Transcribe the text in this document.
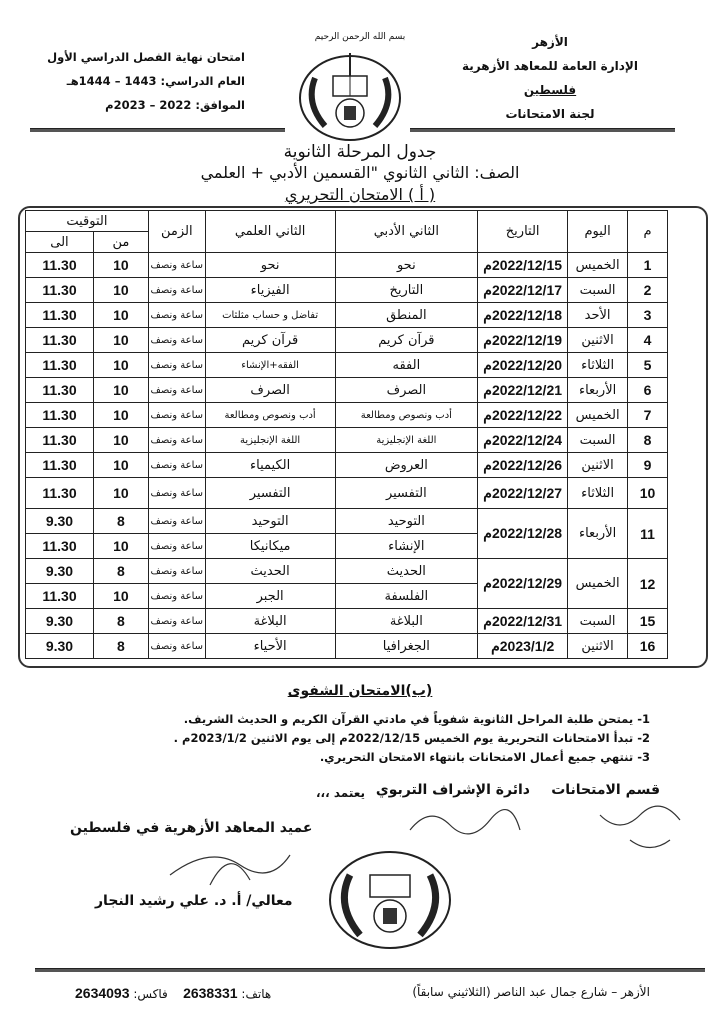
بسم الله الرحمن الرحيم	الأزهر
الإدارة العامة للمعاهد الأزهرية
فلسطين
لجنة الامتحانات
امتحان نهاية الفصل الدراسي الأول
العام الدراسي: 1443 – 1444هـ
الموافق: 2022 – 2023م
جدول المرحلة الثانوية
الصف: الثاني الثانوي "القسمين الأدبي + العلمي
( أ ) الامتحان التحريري
م	اليوم	التاريخ	الثاني الأدبي	الثاني العلمي	الزمن	التوقيت	
						من	الى
1	الخميس	2022/12/15م	نحو	نحو	ساعة ونصف	10	11.30
2	السبت	2022/12/17م	التاريخ	الفيزياء	ساعة ونصف	10	11.30
3	الأحد	2022/12/18م	المنطق	تفاضل و حساب مثلثات	ساعة ونصف	10	11.30
4	الاثنين	2022/12/19م	قرآن كريم	قرآن كريم	ساعة ونصف	10	11.30
5	الثلاثاء	2022/12/20م	الفقه	الفقه+الإنشاء	ساعة ونصف	10	11.30
6	الأربعاء	2022/12/21م	الصرف	الصرف	ساعة ونصف	10	11.30
7	الخميس	2022/12/22م	أدب ونصوص ومطالعة	أدب ونصوص ومطالعة	ساعة ونصف	10	11.30
8	السبت	2022/12/24م	اللغة الإنجليزية	اللغة الإنجليزية	ساعة ونصف	10	11.30
9	الاثنين	2022/12/26م	العروض	الكيمياء	ساعة ونصف	10	11.30
10	الثلاثاء	2022/12/27م	التفسير	التفسير	ساعة ونصف	10	11.30
11	الأربعاء	2022/12/28م	التوحيد	التوحيد	ساعة ونصف	8	9.30
			الإنشاء	ميكانيكا	ساعة ونصف	10	11.30
12	الخميس	2022/12/29م	الحديث	الحديث	ساعة ونصف	8	9.30
			الفلسفة	الجبر	ساعة ونصف	10	11.30
15	السبت	2022/12/31م	البلاغة	البلاغة	ساعة ونصف	8	9.30
16	الاثنين	2023/1/2م	الجغرافيا	الأحياء	ساعة ونصف	8	9.30
(ب)الامتحان الشفوى
1- يمتحن طلبة المراحل الثانوية شفوياً في مادتي القرآن الكريم و الحديث الشريف.
2- تبدأ الامتحانات التحريرية يوم الخميس 2022/12/15م إلى يوم الاثنين 2023/1/2م .
3- تنتهي جميع أعمال الامتحانات بانتهاء الامتحان التحريري.
قسم الامتحانات
دائرة الإشراف التربوي
يعتمد ،،،
عميد المعاهد الأزهرية في فلسطين
معالي/ أ. د. علي رشيد النجار
الأزهر – شارع جمال عبد الناصر (الثلاثيني سابقاً)
هاتف: 2638331    فاكس: 2634093
